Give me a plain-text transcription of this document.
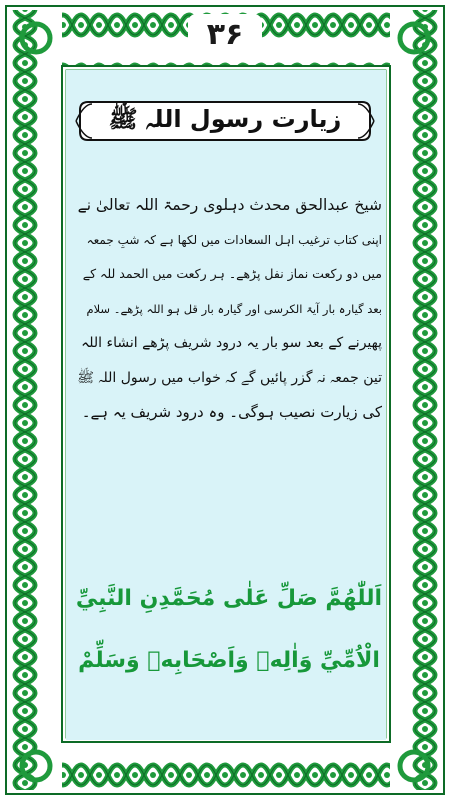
۳۶
زیارت رسول اللہ ﷺ

شیخ عبدالحق محدث دہلوی رحمۃ اللہ تعالیٰ نے

اپنی کتاب ترغیب اہل السعادات میں لکھا ہے کہ شبِ جمعہ

میں دو رکعت نماز نفل پڑھے۔ ہر رکعت میں الحمد للہ کے

بعد گیارہ بار آیۃ الکرسی اور گیارہ بار قل ہو اللہ پڑھے۔ سلام

پھیرنے کے بعد سو بار یہ درود شریف پڑھے انشاء اللہ

تین جمعہ نہ گزر پائیں گے کہ خواب میں رسول اللہ ﷺ

کی زیارت نصیب ہوگی۔ وہ درود شریف یہ ہے۔

اَللّٰهُمَّ صَلِّ عَلٰى مُحَمَّدِنِ النَّبِيِّ

الْاُمِّيِّ وَاٰلِهٖ وَاَصْحَابِهٖ وَسَلِّمْ
